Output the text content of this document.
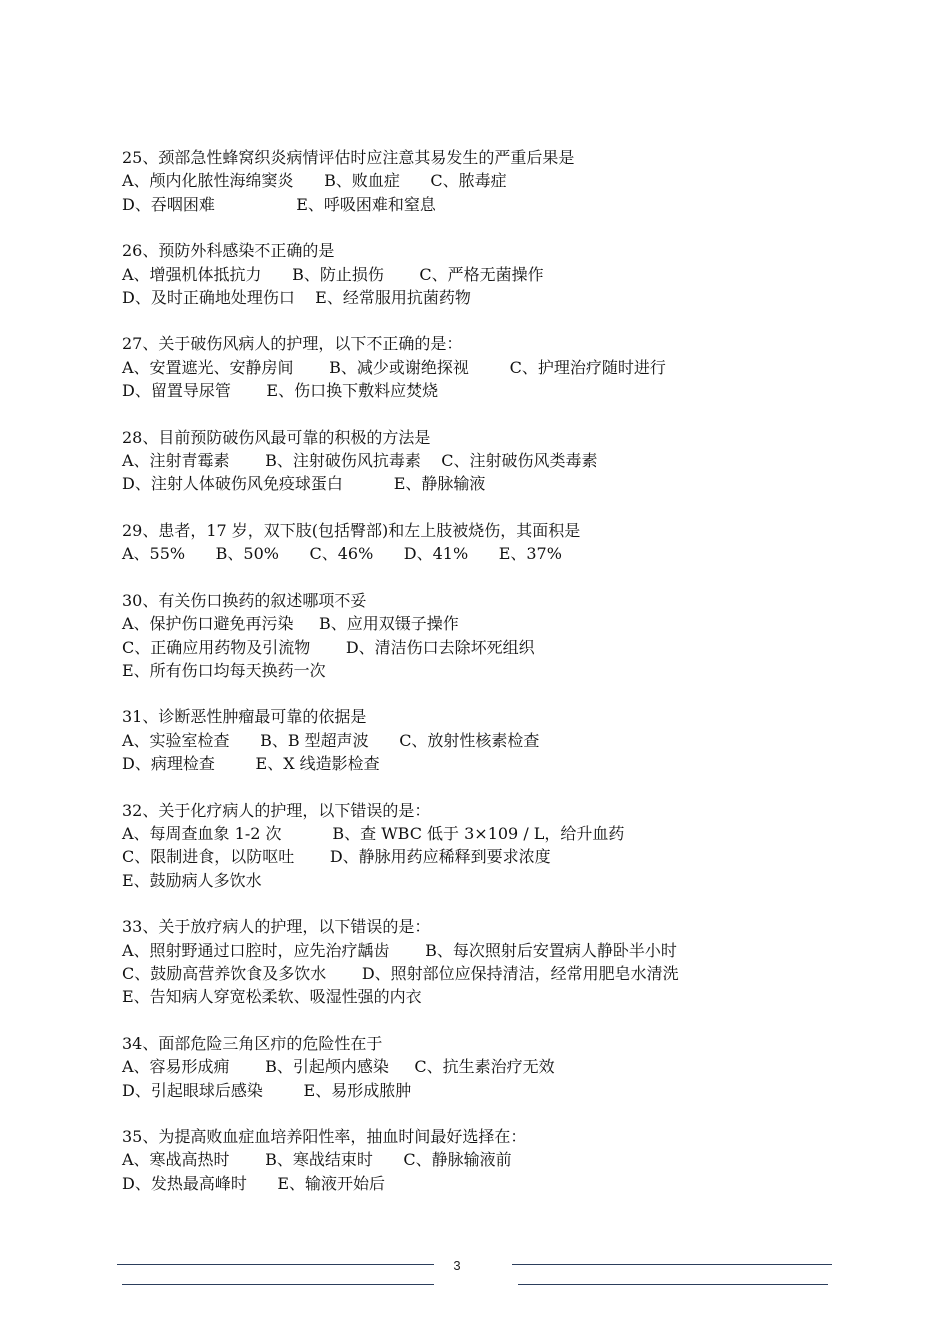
25、颈部急性蜂窝织炎病情评估时应注意其易发生的严重后果是
A、颅内化脓性海绵窦炎      B、败血症      C、脓毒症
D、吞咽困难                E、呼吸困难和窒息
26、预防外科感染不正确的是
A、增强机体抵抗力      B、防止损伤       C、严格无菌操作
D、及时正确地处理伤口    E、经常服用抗菌药物
27、关于破伤风病人的护理，以下不正确的是：
A、安置遮光、安静房间       B、减少或谢绝探视        C、护理治疗随时进行
D、留置导尿管       E、伤口换下敷料应焚烧
28、目前预防破伤风最可靠的积极的方法是
A、注射青霉素       B、注射破伤风抗毒素    C、注射破伤风类毒素
D、注射人体破伤风免疫球蛋白          E、静脉输液
29、患者，17 岁，双下肢(包括臀部)和左上肢被烧伤，其面积是
A、55%      B、50%      C、46%      D、41%      E、37%
30、有关伤口换药的叙述哪项不妥
A、保护伤口避免再污染     B、应用双镊子操作
C、正确应用药物及引流物       D、清洁伤口去除坏死组织
E、所有伤口均每天换药一次
31、诊断恶性肿瘤最可靠的依据是
A、实验室检查      B、B 型超声波      C、放射性核素检查
D、病理检查        E、X 线造影检查
32、关于化疗病人的护理，以下错误的是：
A、每周查血象 1-2 次          B、查 WBC 低于 3×109 / L，给升血药
C、限制进食，以防呕吐       D、静脉用药应稀释到要求浓度
E、鼓励病人多饮水
33、关于放疗病人的护理，以下错误的是：
A、照射野通过口腔时，应先治疗龋齿       B、每次照射后安置病人静卧半小时
C、鼓励高营养饮食及多饮水       D、照射部位应保持清洁，经常用肥皂水清洗
E、告知病人穿宽松柔软、吸湿性强的内衣
34、面部危险三角区疖的危险性在于
A、容易形成痈       B、引起颅内感染     C、抗生素治疗无效
D、引起眼球后感染        E、易形成脓肿
35、为提高败血症血培养阳性率，抽血时间最好选择在：
A、寒战高热时       B、寒战结束时      C、静脉输液前
D、发热最高峰时      E、输液开始后
3
